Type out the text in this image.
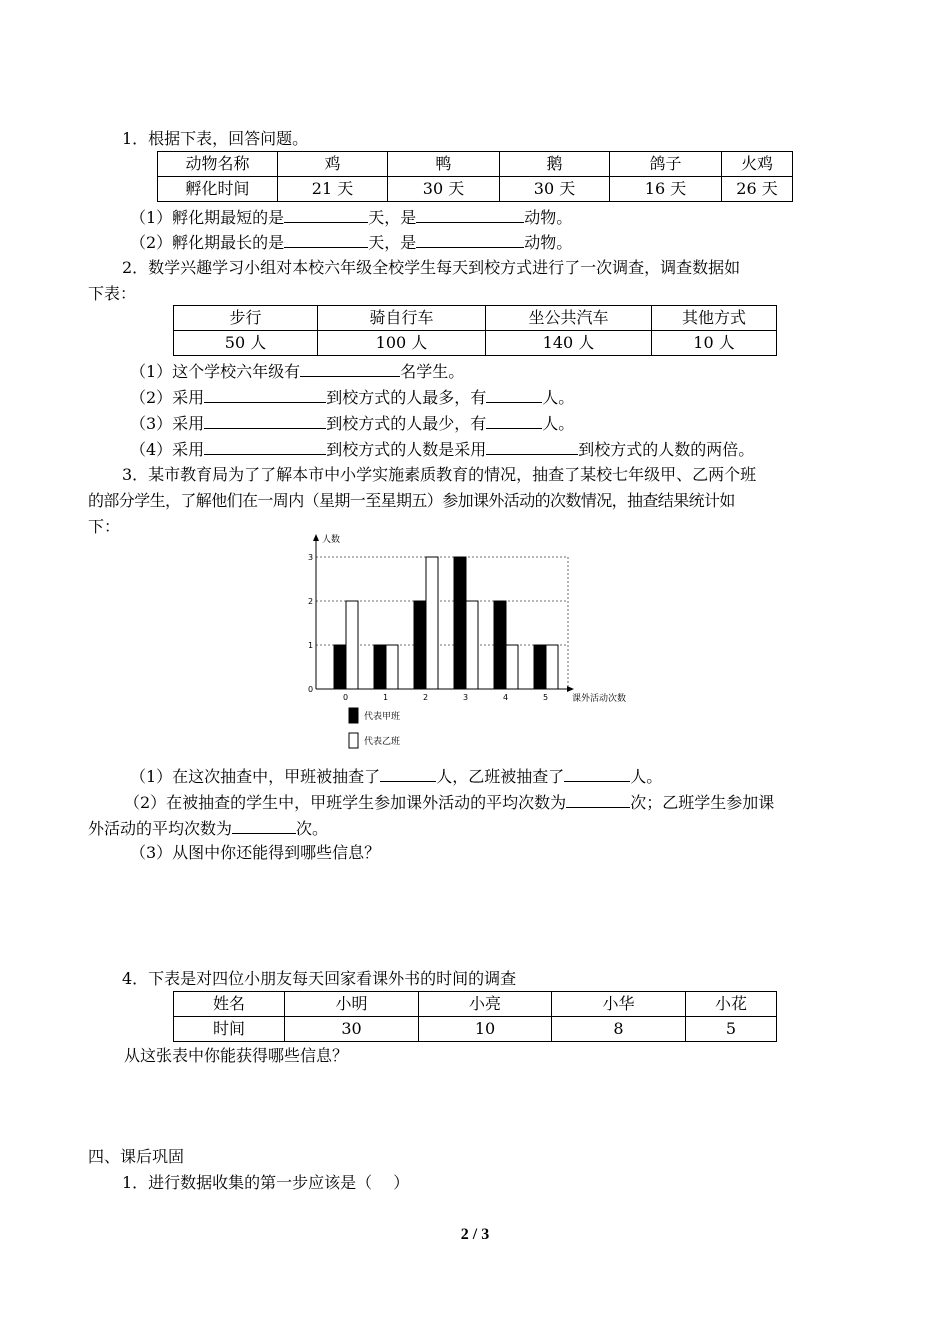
1．根据下表，回答问题。
动物名称	鸡	鸭	鹅	鸽子	火鸡
孵化时间	21 天	30 天	30 天	16 天	26 天
（1）孵化期最短的是	天，是	动物。
（2）孵化期最长的是	天，是	动物。
2．数学兴趣学习小组对本校六年级全校学生每天到校方式进行了一次调查，调查数据如
下表：
步行	骑自行车	坐公共汽车	其他方式
50 人	100 人	140 人	10 人
（1）这个学校六年级有	名学生。
（2）采用	到校方式的人最多，有	人。
（3）采用	到校方式的人最少，有	人。
（4）采用	到校方式的人数是采用	到校方式的人数的两倍。
3．某市教育局为了了解本市中小学实施素质教育的情况，抽查了某校七年级甲、乙两个班
的部分学生，了解他们在一周内（星期一至星期五）参加课外活动的次数情况，抽查结果统计如
下：
人数
课外活动次数
0
1
2
3
0	1	2	3	4	5
代表甲班
代表乙班
（1）在这次抽查中，甲班被抽查了	人，乙班被抽查了	人。
（2）在被抽查的学生中，甲班学生参加课外活动的平均次数为	次；乙班学生参加课
外活动的平均次数为	次。
（3）从图中你还能得到哪些信息？
4．下表是对四位小朋友每天回家看课外书的时间的调查
姓名	小明	小亮	小华	小花
时间	30	10	8	5
从这张表中你能获得哪些信息？
四、课后巩固
1．进行数据收集的第一步应该是（　 ）
2 / 3
